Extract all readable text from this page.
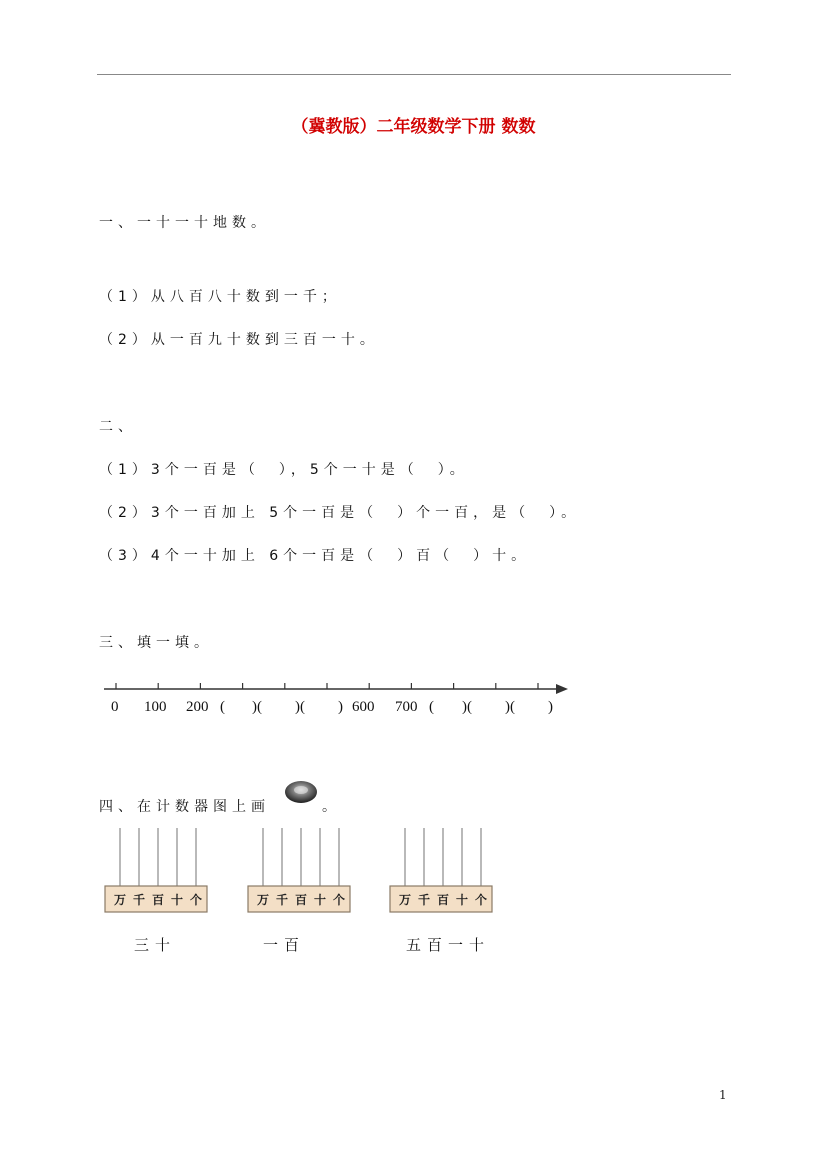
（冀教版）二年级数学下册 数数
一、一十一十地数。
（1）从八百八十数到一千；
（2）从一百九十数到三百一十。
二、
（1）3个一百是（　），5个一十是（　）。
（2）3个一百加上 5个一百是（　）个一百，是（　）。
（3）4个一十加上 6个一百是（　）百（　）十。
三、填一填。
0 100 200 ( )( )( ) 600 700 ( )( )( )
四、在计数器图上画	。
万 千 百 十 个	万 千 百 十 个	万 千 百 十 个
三十	一百	五百一十
1
